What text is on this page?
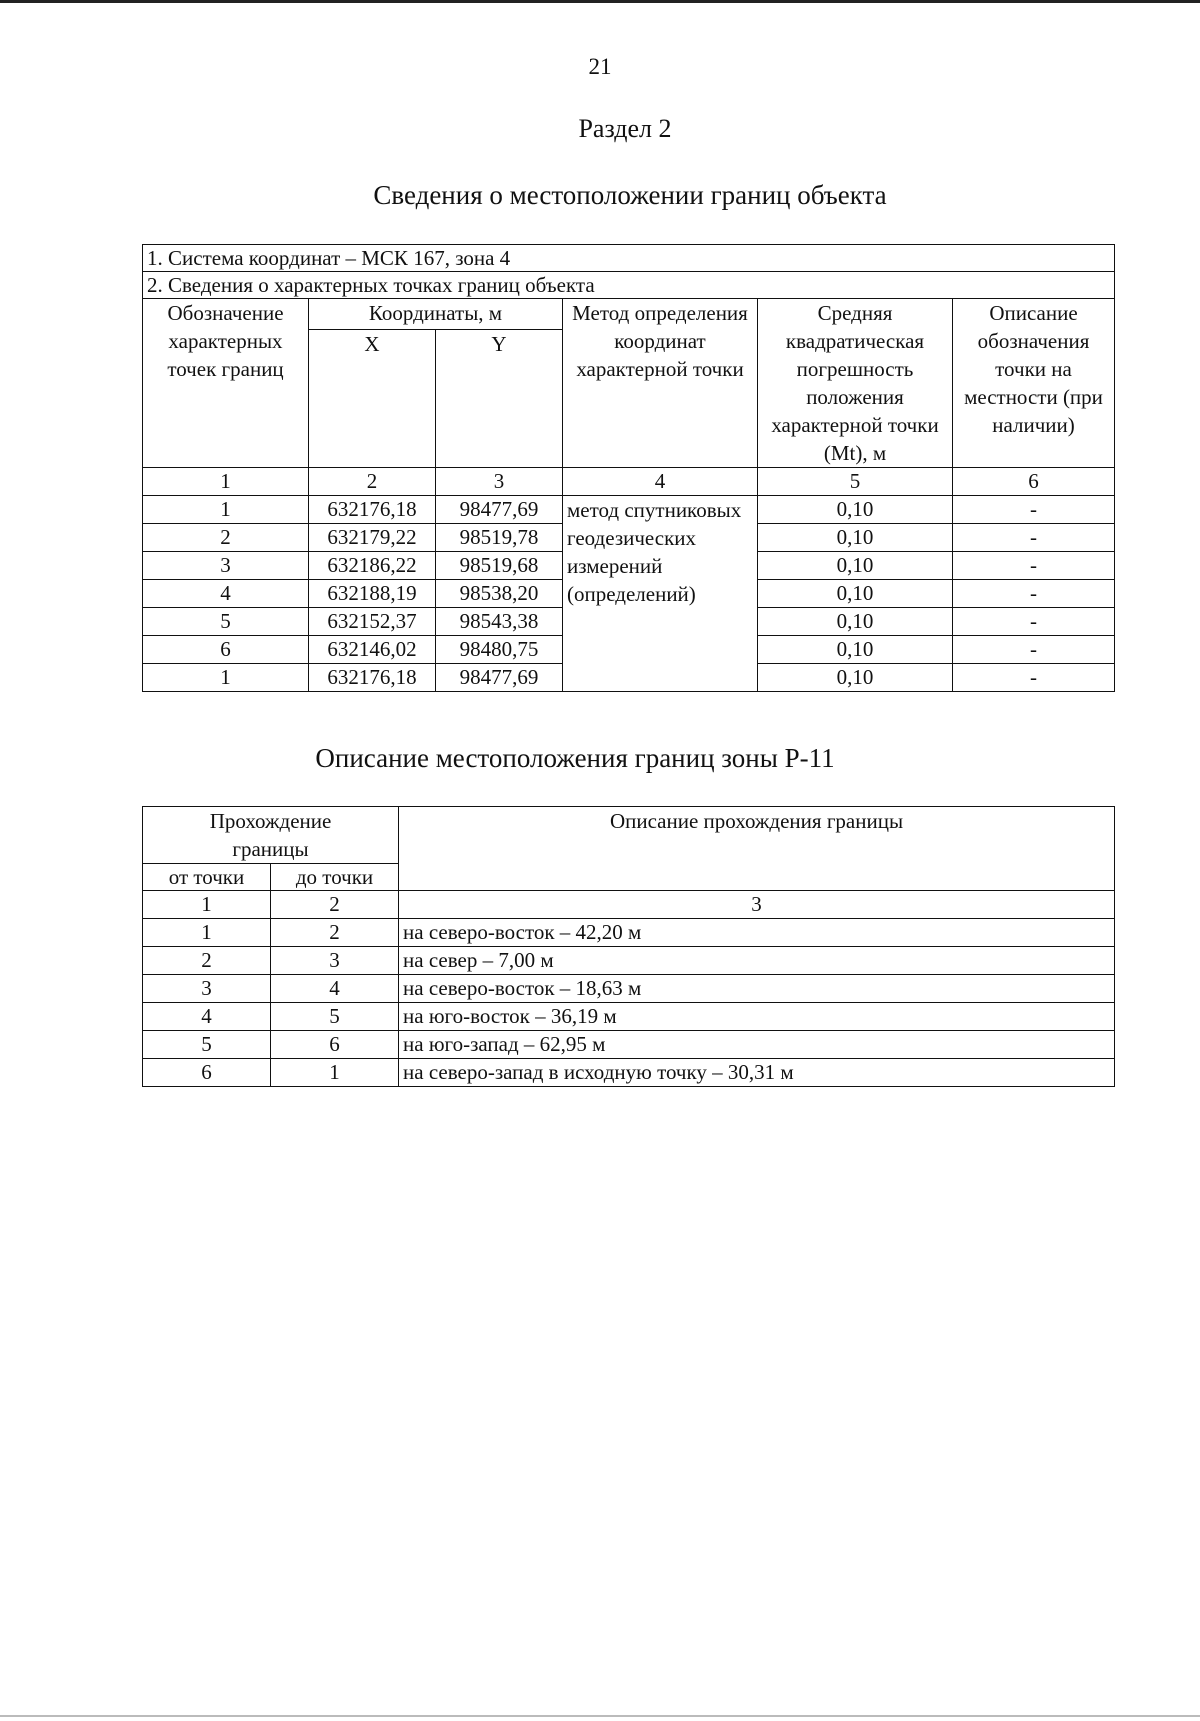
21
Раздел 2
Сведения о местоположении границ объекта
1. Система координат – МСК 167, зона 4					
2. Сведения о характерных точках границ объекта					
Обозначение характерных точек границ	Координаты, м		Метод определения координат характерной точки	Средняя квадратическая погрешность положения характерной точки (Mt), м	Описание обозначения точки на местности (при наличии)
	X	Y			
1	2	3	4	5	6
1	632176,18	98477,69	метод спутниковых геодезических измерений (определений)	0,10	-
2	632179,22	98519,78		0,10	-
3	632186,22	98519,68		0,10	-
4	632188,19	98538,20		0,10	-
5	632152,37	98543,38		0,10	-
6	632146,02	98480,75		0,10	-
1	632176,18	98477,69		0,10	-
Описание местоположения границ зоны Р-11
Прохождение границы		Описание прохождения границы
от точки	до точки	
1	2	3
1	2	на северо-восток – 42,20 м
2	3	на север – 7,00 м
3	4	на северо-восток – 18,63 м
4	5	на юго-восток – 36,19 м
5	6	на юго-запад – 62,95 м
6	1	на северо-запад в исходную точку – 30,31 м
